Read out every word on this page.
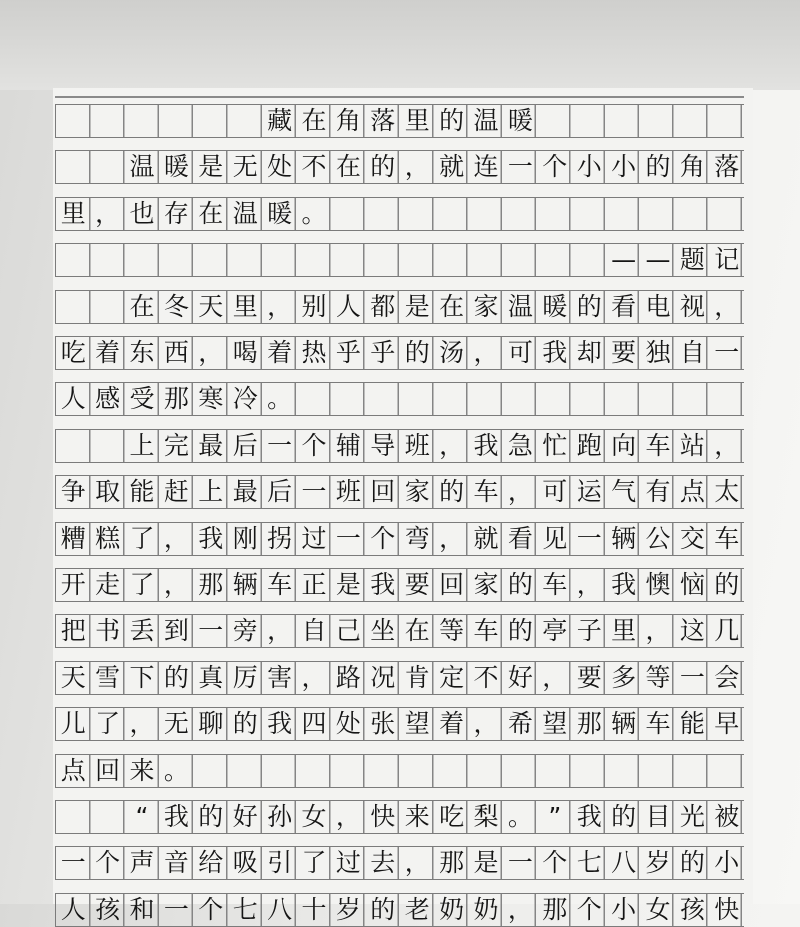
藏 在 角 落 里 的 温 暖
温 暖 是 无 处 不 在 的 ， 就 连 一 个 小 小 的 角 落
里 ， 也 存 在 温 暖 。
— — 题 记
在 冬 天 里 ， 别 人 都 是 在 家 温 暖 的 看 电 视 ，
吃 着 东 西 ， 喝 着 热 乎 乎 的 汤 ， 可 我 却 要 独 自 一
人 感 受 那 寒 冷 。
上 完 最 后 一 个 辅 导 班 ， 我 急 忙 跑 向 车 站 ，
争 取 能 赶 上 最 后 一 班 回 家 的 车 ， 可 运 气 有 点 太
糟 糕 了 ， 我 刚 拐 过 一 个 弯 ， 就 看 见 一 辆 公 交 车
开 走 了 ， 那 辆 车 正 是 我 要 回 家 的 车 ， 我 懊 恼 的
把 书 丢 到 一 旁 ， 自 己 坐 在 等 车 的 亭 子 里 ， 这 几
天 雪 下 的 真 厉 害 ， 路 况 肯 定 不 好 ， 要 多 等 一 会
儿 了 ， 无 聊 的 我 四 处 张 望 着 ， 希 望 那 辆 车 能 早
点 回 来 。
“ 我 的 好 孙 女 ， 快 来 吃 梨 。 ” 我 的 目 光 被
一 个 声 音 给 吸 引 了 过 去 ， 那 是 一 个 七 八 岁 的 小
人 孩 和 一 个 七 八 十 岁 的 老 奶 奶 ， 那 个 小 女 孩 快
